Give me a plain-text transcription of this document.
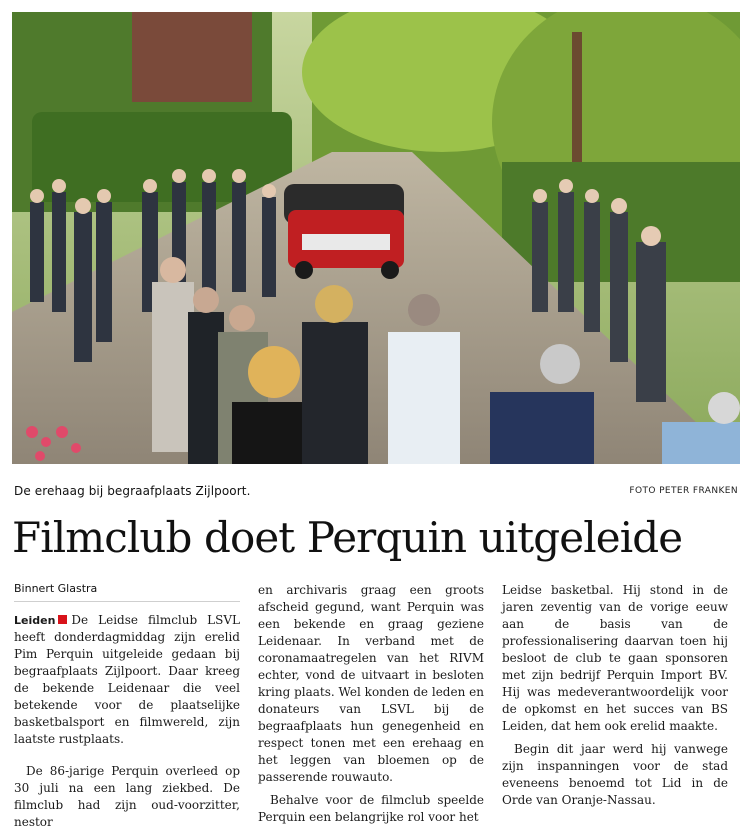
De erehaag bij begraafplaats Zijlpoort.	FOTO PETER FRANKEN
Filmclub doet Perquin uitgeleide
Binnert Glastra

Leiden De Leidse filmclub LSVL heeft donderdagmiddag zijn erelid Pim Perquin uitgeleide gedaan bij begraafplaats Zijlpoort. Daar kreeg de bekende Leidenaar die veel betekende voor de plaatselijke basketbalsport en filmwereld, zijn laatste rustplaats.

De 86-jarige Perquin overleed op 30 juli na een lang ziekbed. De filmclub had zijn oud-voorzitter, nestor

en archivaris graag een groots afscheid gegund, want Perquin was een bekende en graag geziene Leidenaar. In verband met de coronamaatregelen van het RIVM echter, vond de uitvaart in besloten kring plaats. Wel konden de leden en donateurs van LSVL bij de begraafplaats hun genegenheid en respect tonen met een erehaag en het leggen van bloemen op de passerende rouwauto.

Behalve voor de filmclub speelde Perquin een belangrijke rol voor het

Leidse basketbal. Hij stond in de jaren zeventig van de vorige eeuw aan de basis van de professionalisering daarvan toen hij besloot de club te gaan sponsoren met zijn bedrijf Perquin Import BV. Hij was medeverantwoordelijk voor de opkomst en het succes van BS Leiden, dat hem ook erelid maakte.

Begin dit jaar werd hij vanwege zijn inspanningen voor de stad eveneens benoemd tot Lid in de Orde van Oranje-Nassau.
